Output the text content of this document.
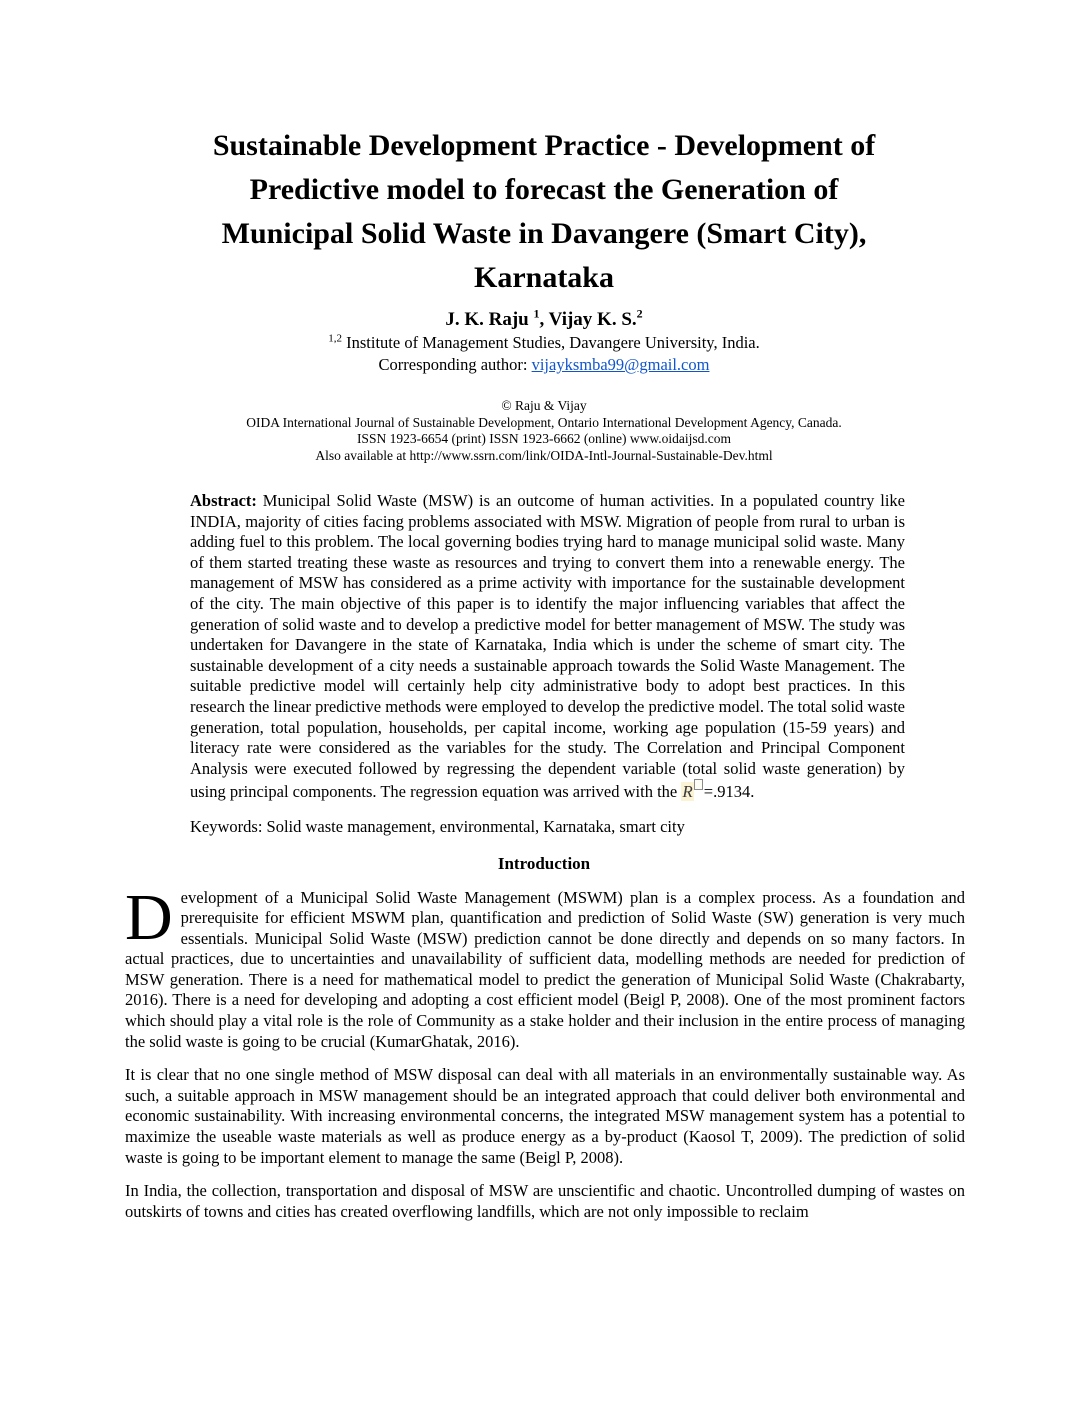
Sustainable Development Practice - Development of
Predictive model to forecast the Generation of
Municipal Solid Waste in Davangere (Smart City),
Karnataka
J. K. Raju $^1$, Vijay K. S.$^2$
$^{1,2}$ Institute of Management Studies, Davangere University, India.
Corresponding author: vijayksmba99@gmail.com
© Raju & Vijay
OIDA International Journal of Sustainable Development, Ontario International Development Agency, Canada.
ISSN 1923-6654 (print) ISSN 1923-6662 (online) www.oidaijsd.com
Also available at http://www.ssrn.com/link/OIDA-Intl-Journal-Sustainable-Dev.html
Abstract: Municipal Solid Waste (MSW) is an outcome of human activities. In a populated country like INDIA, majority of cities facing problems associated with MSW. Migration of people from rural to urban is adding fuel to this problem. The local governing bodies trying hard to manage municipal solid waste. Many of them started treating these waste as resources and trying to convert them into a renewable energy. The management of MSW has considered as a prime activity with importance for the sustainable development of the city. The main objective of this paper is to identify the major influencing variables that affect the generation of solid waste and to develop a predictive model for better management of MSW. The study was undertaken for Davangere in the state of Karnataka, India which is under the scheme of smart city. The sustainable development of a city needs a sustainable approach towards the Solid Waste Management. The suitable predictive model will certainly help city administrative body to adopt best practices. In this research the linear predictive methods were employed to develop the predictive model. The total solid waste generation, total population, households, per capital income, working age population (15-59 years) and literacy rate were considered as the variables for the study. The Correlation and Principal Component Analysis were executed followed by regressing the dependent variable (total solid waste generation) by using principal components. The regression equation was arrived with the R =.9134.
Keywords: Solid waste management, environmental, Karnataka, smart city
Introduction
Development of a Municipal Solid Waste Management (MSWM) plan is a complex process. As a foundation and prerequisite for efficient MSWM plan, quantification and prediction of Solid Waste (SW) generation is very much essentials. Municipal Solid Waste (MSW) prediction cannot be done directly and depends on so many factors. In actual practices, due to uncertainties and unavailability of sufficient data, modelling methods are needed for prediction of MSW generation. There is a need for mathematical model to predict the generation of Municipal Solid Waste (Chakrabarty, 2016). There is a need for developing and adopting a cost efficient model (Beigl P, 2008). One of the most prominent factors which should play a vital role is the role of Community as a stake holder and their inclusion in the entire process of managing the solid waste is going to be crucial (KumarGhatak, 2016).
It is clear that no one single method of MSW disposal can deal with all materials in an environmentally sustainable way. As such, a suitable approach in MSW management should be an integrated approach that could deliver both environmental and economic sustainability. With increasing environmental concerns, the integrated MSW management system has a potential to maximize the useable waste materials as well as produce energy as a by-product (Kaosol T, 2009). The prediction of solid waste is going to be important element to manage the same (Beigl P, 2008).
In India, the collection, transportation and disposal of MSW are unscientific and chaotic. Uncontrolled dumping of wastes on outskirts of towns and cities has created overflowing landfills, which are not only impossible to reclaim
